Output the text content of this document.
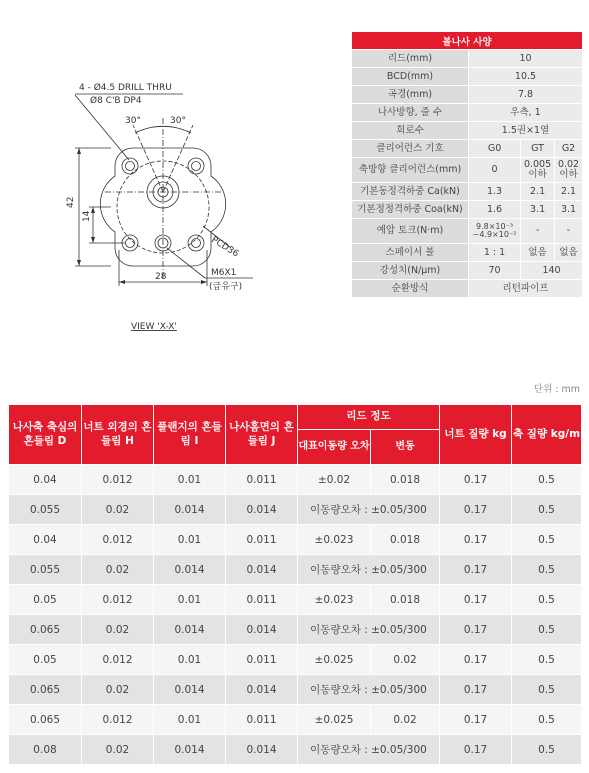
4 - Ø4.5 DRILL THRU
Ø8 C'B DP4
30°	30°
42
14
28
PCD36
M6X1
(급유구)
VIEW 'X-X'
볼나사 사양			
리드(mm)	10		
BCD(mm)	10.5		
곡경(mm)	7.8		
나사방향, 줄 수	우측, 1		
회로수	1.5권×1열		
클리어런스 기호	G0	GT	G2
축방향 클리어런스(mm)	0	0.005 이하	0.02 이하
기본동정격하중 Ca(kN)	1.3	2.1	2.1
기본정정격하중 Coa(kN)	1.6	3.1	3.1
예압 토크(N·m)	9.8×10⁻³ ~4.9×10⁻²	-	-
스페이서 볼	1 : 1	없음	없음
강성치(N/μm)	70	140	
순환방식	리턴파이프		
단위 : mm
나사축 축심의 흔들림 D	너트 외경의 흔들림 H	플랜지의 흔들림 I	나사홈면의 흔들림 J	리드 정도		너트 질량 kg	축 질량 kg/m
				대표이동량 오차	변동		
0.04	0.012	0.01	0.011	±0.02	0.018	0.17	0.5
0.055	0.02	0.014	0.014	이동량오차 : ±0.05/300		0.17	0.5
0.04	0.012	0.01	0.011	±0.023	0.018	0.17	0.5
0.055	0.02	0.014	0.014	이동량오차 : ±0.05/300		0.17	0.5
0.05	0.012	0.01	0.011	±0.023	0.018	0.17	0.5
0.065	0.02	0.014	0.014	이동량오차 : ±0.05/300		0.17	0.5
0.05	0.012	0.01	0.011	±0.025	0.02	0.17	0.5
0.065	0.02	0.014	0.014	이동량오차 : ±0.05/300		0.17	0.5
0.065	0.012	0.01	0.011	±0.025	0.02	0.17	0.5
0.08	0.02	0.014	0.014	이동량오차 : ±0.05/300		0.17	0.5
